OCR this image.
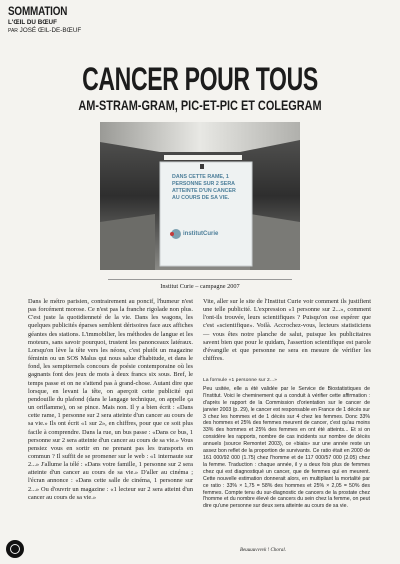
SOMMATION
L'ŒIL DU BŒUF
PAR JOSÉ ŒIL-DE-BŒUF
CANCER POUR TOUS
AM-STRAM-GRAM, PIC-ET-PIC ET COLEGRAM
DANS CETTE RAME, 1 PERSONNE SUR 2 SERA ATTEINTE D'UN CANCER AU COURS DE SA VIE.
institutCurie
Institut Curie – campagne 2007

Dans le métro parisien, contrairement au poncif, l'humeur n'est pas forcément morose. Ce n'est pas la franche rigolade non plus. C'est juste la quotidienneté de la vie. Dans les wagons, les quelques publicités éparses semblent dérisoires face aux affiches géantes des stations. L'immobilier, les méthodes de langue et les moteurs, sans savoir pourquoi, trustent les panonceaux latéraux. Lorsqu'on lève la tête vers les néons, c'est plutôt un magazine féminin ou un SOS Malus qui nous salue d'habitude, et dans le fond, les sempiternels concours de poésie contemporaine où les gagnants font des jeux de mots à deux francs six sous. Bref, le temps passe et on ne s'attend pas à grand-chose. Autant dire que lorsque, en levant la tête, on aperçoit cette publicité qui pendouille du plafond (dans le langage technique, on appelle ça un oriflamme), on se pince. Mais non. Il y a bien écrit : «Dans cette rame, 1 personne sur 2 sera atteinte d'un cancer au cours de sa vie.» Ils ont écrit «1 sur 2», en chiffres, pour que ce soit plus facile à comprendre. Dans la rue, un bus passe : «Dans ce bus, 1 personne sur 2 sera atteinte d'un cancer au cours de sa vie.» Vous pensiez vous en sortir en ne prenant pas les transports en commun ? Il suffit de se promener sur le web : «1 internaute sur 2...» J'allume la télé : «Dans votre famille, 1 personne sur 2 sera atteinte d'un cancer au cours de sa vie.» D'aller au cinéma ; l'écran annonce : «Dans cette salle de cinéma, 1 personne sur 2...» Ou d'ouvrir un magazine : «1 lecteur sur 2 sera atteint d'un cancer au cours de sa vie.»

Vite, aller sur le site de l'Institut Curie voir comment ils justifient une telle publicité. L'expression «1 personne sur 2...», comment l'ont-ils trouvée, leurs scientifiques ? Puisqu'on ose espérer que c'est «scientifique». Voilà. Accrochez-vous, lecteurs statisticiens — vous êtes notre planche de salut, puisque les publicitaires savent bien que pour le quidam, l'assertion scientifique est parole d'évangile et que personne ne sera en mesure de vérifier les chiffres.

La formule «1 personne sur 2...»
Peu usitée, elle a été validée par le Service de Biostatistiques de l'Institut. Voici le cheminement qui a conduit à vérifier cette affirmation : d'après le rapport de la Commission d'orientation sur le cancer de janvier 2003 (p. 29), le cancer est responsable en France de 1 décès sur 3 chez les hommes et de 1 décès sur 4 chez les femmes. Donc 33% des hommes et 25% des femmes meurent de cancer, c'est qu'au moins 33% des hommes et 25% des femmes en ont été atteints... Et si on considère les rapports, nombre de cas incidents sur nombre de décès annuels (source Remontet 2003), ce «biais» sur une année reste un assez bon reflet de la proportion de survivants. Ce ratio était en 2000 de 161 000/92 000 (1.75) chez l'homme et de 117 000/57 000 (2.05) chez la femme. Traduction : chaque année, il y a deux fois plus de femmes chez qui est diagnostiqué un cancer, que de femmes qui en meurent. Cette nouvelle estimation donnerait alors, en multipliant la mortalité par ce ratio : 33% × 1,75 = 58% des hommes et 25% × 2,05 = 50% des femmes. Compte tenu du sur-diagnostic de cancers de la prostate chez l'homme et du nombre élevé de cancers du sein chez la femme, on peut dire qu'une personne sur deux sera atteinte au cours de sa vie.
Beuuuuvvvvk ! Choral.
